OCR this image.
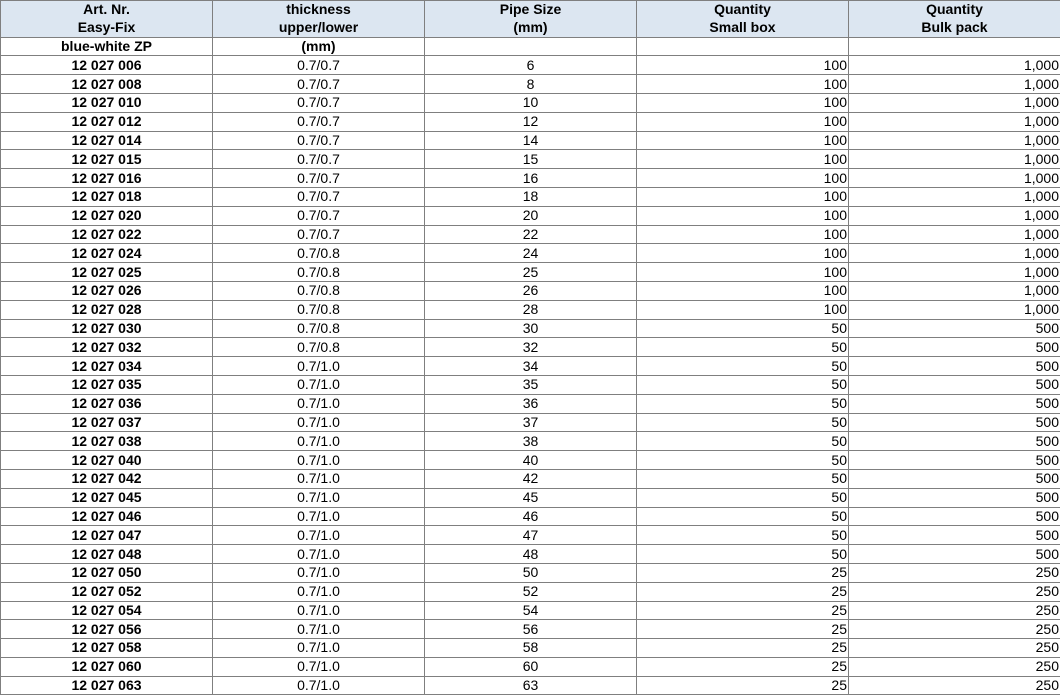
Art. Nr.	thickness	Pipe Size	Quantity	Quantity
Easy-Fix	upper/lower	(mm)	Small box	Bulk pack
blue-white ZP	(mm)			
12 027 006	0.7/0.7	6	100	1,000
12 027 008	0.7/0.7	8	100	1,000
12 027 010	0.7/0.7	10	100	1,000
12 027 012	0.7/0.7	12	100	1,000
12 027 014	0.7/0.7	14	100	1,000
12 027 015	0.7/0.7	15	100	1,000
12 027 016	0.7/0.7	16	100	1,000
12 027 018	0.7/0.7	18	100	1,000
12 027 020	0.7/0.7	20	100	1,000
12 027 022	0.7/0.7	22	100	1,000
12 027 024	0.7/0.8	24	100	1,000
12 027 025	0.7/0.8	25	100	1,000
12 027 026	0.7/0.8	26	100	1,000
12 027 028	0.7/0.8	28	100	1,000
12 027 030	0.7/0.8	30	50	500
12 027 032	0.7/0.8	32	50	500
12 027 034	0.7/1.0	34	50	500
12 027 035	0.7/1.0	35	50	500
12 027 036	0.7/1.0	36	50	500
12 027 037	0.7/1.0	37	50	500
12 027 038	0.7/1.0	38	50	500
12 027 040	0.7/1.0	40	50	500
12 027 042	0.7/1.0	42	50	500
12 027 045	0.7/1.0	45	50	500
12 027 046	0.7/1.0	46	50	500
12 027 047	0.7/1.0	47	50	500
12 027 048	0.7/1.0	48	50	500
12 027 050	0.7/1.0	50	25	250
12 027 052	0.7/1.0	52	25	250
12 027 054	0.7/1.0	54	25	250
12 027 056	0.7/1.0	56	25	250
12 027 058	0.7/1.0	58	25	250
12 027 060	0.7/1.0	60	25	250
12 027 063	0.7/1.0	63	25	250
